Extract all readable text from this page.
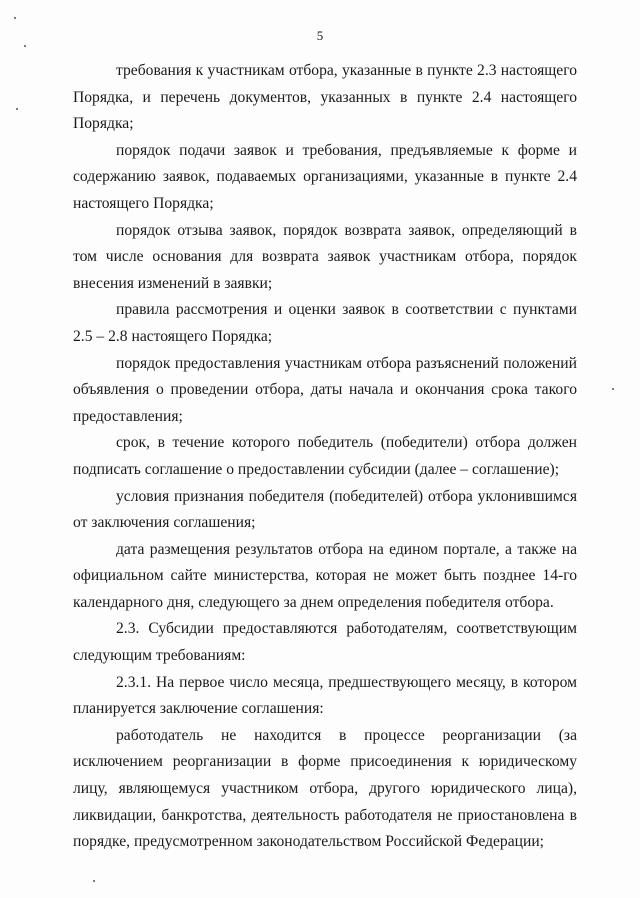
5

требования к участникам отбора, указанные в пункте 2.3 настоящего Порядка, и перечень документов, указанных в пункте 2.4 настоящего Порядка;

порядок подачи заявок и требования, предъявляемые к форме и содержанию заявок, подаваемых организациями, указанные в пункте 2.4 настоящего Порядка;

порядок отзыва заявок, порядок возврата заявок, определяющий в том числе основания для возврата заявок участникам отбора, порядок внесения изменений в заявки;

правила рассмотрения и оценки заявок в соответствии с пунктами 2.5 – 2.8 настоящего Порядка;

порядок предоставления участникам отбора разъяснений положений объявления о проведении отбора, даты начала и окончания срока такого предоставления;

срок, в течение которого победитель (победители) отбора должен подписать соглашение о предоставлении субсидии (далее – соглашение);

условия признания победителя (победителей) отбора уклонившимся от заключения соглашения;

дата размещения результатов отбора на едином портале, а также на официальном сайте министерства, которая не может быть позднее 14-го календарного дня, следующего за днем определения победителя отбора.

2.3. Субсидии предоставляются работодателям, соответствующим следующим требованиям:

2.3.1. На первое число месяца, предшествующего месяцу, в котором планируется заключение соглашения:

работодатель не находится в процессе реорганизации (за исключением реорганизации в форме присоединения к юридическому лицу, являющемуся участником отбора, другого юридического лица), ликвидации, банкротства, деятельность работодателя не приостановлена в порядке, предусмотренном законодательством Российской Федерации;
